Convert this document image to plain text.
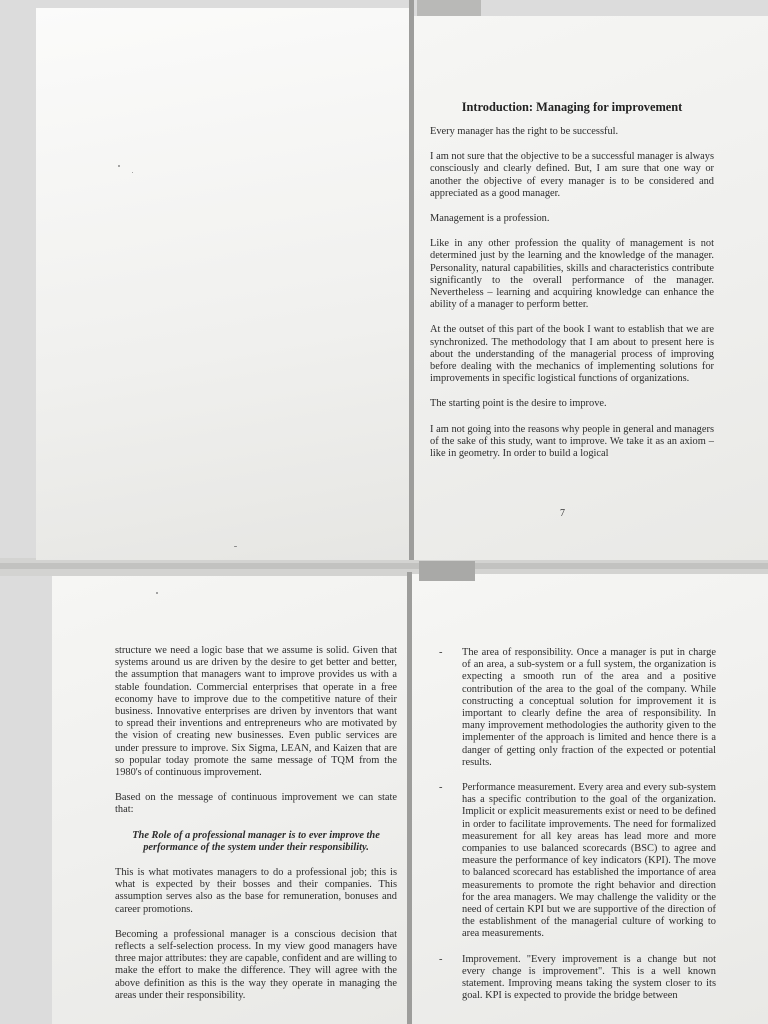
Introduction: Managing for improvement

Every manager has the right to be successful.

I am not sure that the objective to be a successful manager is always consciously and clearly defined. But, I am sure that one way or another the objective of every manager is to be considered and appreciated as a good manager.

Management is a profession.

Like in any other profession the quality of management is not determined just by the learning and the knowledge of the manager. Personality, natural capabilities, skills and characteristics contribute significantly to the overall performance of the manager. Nevertheless – learning and acquiring knowledge can enhance the ability of a manager to perform better.

At the outset of this part of the book I want to establish that we are synchronized. The methodology that I am about to present here is about the understanding of the managerial process of improving before dealing with the mechanics of implementing solutions for improvements in specific logistical functions of organizations.

The starting point is the desire to improve.

I am not going into the reasons why people in general and managers of the sake of this study, want to improve. We take it as an axiom – like in geometry. In order to build a logical

7

structure we need a logic base that we assume is solid. Given that systems around us are driven by the desire to get better and better, the assumption that managers want to improve provides us with a stable foundation. Commercial enterprises that operate in a free economy have to improve due to the competitive nature of their business. Innovative enterprises are driven by inventors that want to spread their inventions and entrepreneurs who are motivated by the vision of creating new businesses. Even public services are under pressure to improve. Six Sigma, LEAN, and Kaizen that are so popular today promote the same message of TQM from the 1980's of continuous improvement.

Based on the message of continuous improvement we can state that:

The Role of a professional manager is to ever improve the performance of the system under their responsibility.

This is what motivates managers to do a professional job; this is what is expected by their bosses and their companies. This assumption serves also as the base for remuneration, bonuses and career promotions.

Becoming a professional manager is a conscious decision that reflects a self-selection process. In my view good managers have three major attributes: they are capable, confident and are willing to make the effort to make the difference. They will agree with the above definition as this is the way they operate in managing the areas under their responsibility.

- The area of responsibility. Once a manager is put in charge of an area, a sub-system or a full system, the organization is expecting a smooth run of the area and a positive contribution of the area to the goal of the company. While constructing a conceptual solution for improvement it is important to clearly define the area of responsibility. In many improvement methodologies the authority given to the implementer of the approach is limited and hence there is a danger of getting only fraction of the expected or potential results.
- Performance measurement. Every area and every sub-system has a specific contribution to the goal of the organization. Implicit or explicit measurements exist or need to be defined in order to facilitate improvements. The need for formalized measurement for all key areas has lead more and more companies to use balanced scorecards (BSC) to agree and measure the performance of key indicators (KPI). The move to balanced scorecard has established the importance of area measurements to promote the right behavior and direction for the area managers. We may challenge the validity or the need of certain KPI but we are supportive of the direction of the establishment of the managerial culture of working to area measurements.
- Improvement. "Every improvement is a change but not every change is improvement". This is a well known statement. Improving means taking the system closer to its goal. KPI is expected to provide the bridge between
